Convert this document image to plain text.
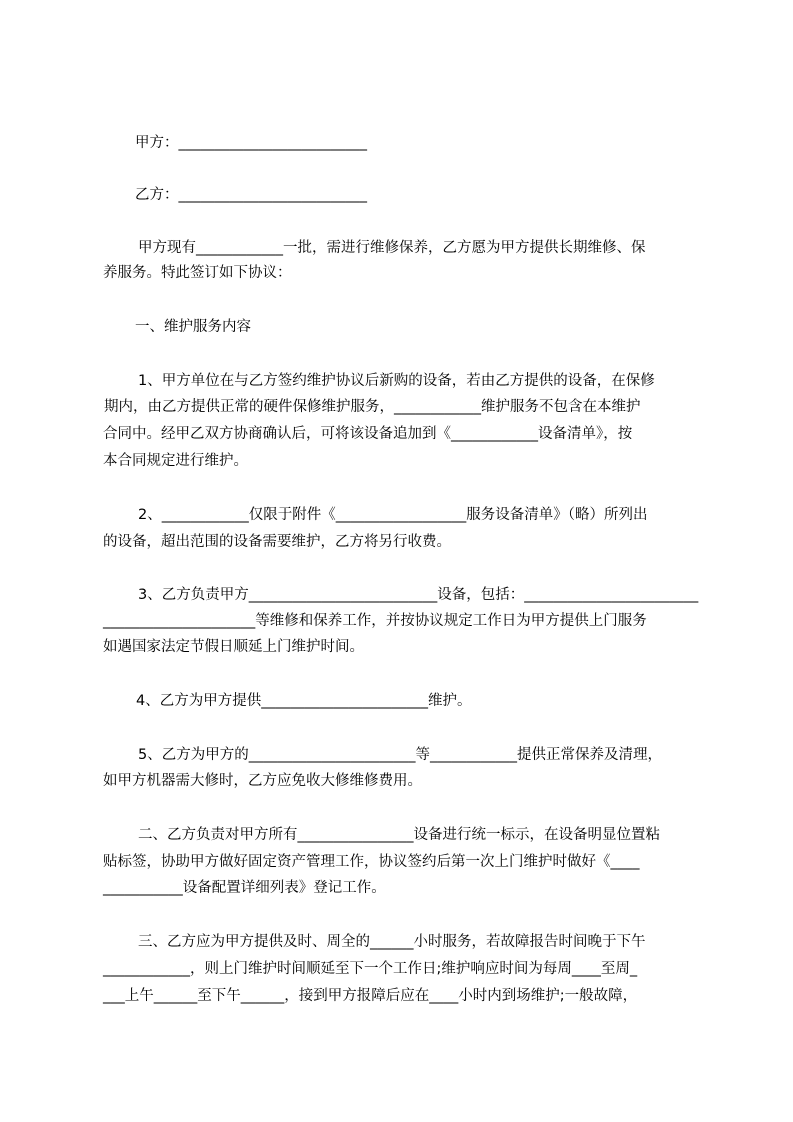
甲方：__________________________
乙方：__________________________
甲方现有____________一批，需进行维修保养，乙方愿为甲方提供长期维修、保
养服务。特此签订如下协议：
一、维护服务内容
1、甲方单位在与乙方签约维护协议后新购的设备，若由乙方提供的设备，在保修
期内，由乙方提供正常的硬件保修维护服务，____________维护服务不包含在本维护
合同中。经甲乙双方协商确认后，可将该设备追加到《____________设备清单》，按
本合同规定进行维护。
2、____________仅限于附件《__________________服务设备清单》（略）所列出
的设备，超出范围的设备需要维护，乙方将另行收费。
3、乙方负责甲方__________________________设备，包括：________________________
_____________________等维修和保养工作，并按协议规定工作日为甲方提供上门服务
如遇国家法定节假日顺延上门维护时间。
4、乙方为甲方提供_______________________维护。
5、乙方为甲方的_______________________等____________提供正常保养及清理，
如甲方机器需大修时，乙方应免收大修维修费用。
二、乙方负责对甲方所有________________设备进行统一标示，在设备明显位置粘
贴标签，协助甲方做好固定资产管理工作，协议签约后第一次上门维护时做好《____
___________设备配置详细列表》登记工作。
三、乙方应为甲方提供及时、周全的______小时服务，若故障报告时间晚于下午
____________，则上门维护时间顺延至下一个工作日;维护响应时间为每周____至周_
___上午______至下午______，接到甲方报障后应在____小时内到场维护;一般故障，
